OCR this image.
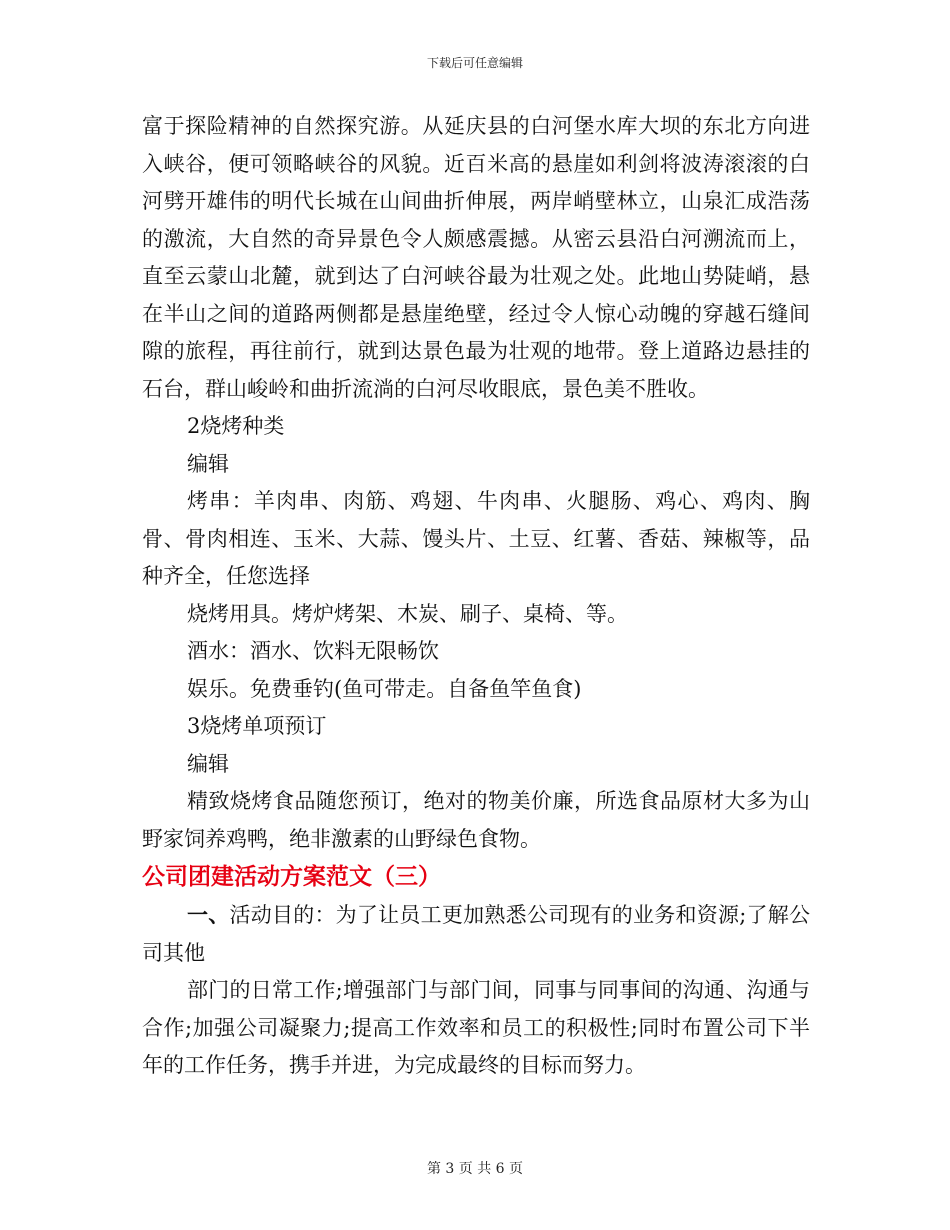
下载后可任意编辑

富于探险精神的自然探究游。从延庆县的白河堡水库大坝的东北方向进入峡谷，便可领略峡谷的风貌。近百米高的悬崖如利剑将波涛滚滚的白河劈开雄伟的明代长城在山间曲折伸展，两岸峭壁林立，山泉汇成浩荡的激流，大自然的奇异景色令人颇感震撼。从密云县沿白河溯流而上，直至云蒙山北麓，就到达了白河峡谷最为壮观之处。此地山势陡峭，悬在半山之间的道路两侧都是悬崖绝壁，经过令人惊心动魄的穿越石缝间隙的旅程，再往前行，就到达景色最为壮观的地带。登上道路边悬挂的石台，群山峻岭和曲折流淌的白河尽收眼底，景色美不胜收。

2烧烤种类

编辑

烤串：羊肉串、肉筋、鸡翅、牛肉串、火腿肠、鸡心、鸡肉、胸骨、骨肉相连、玉米、大蒜、馒头片、土豆、红薯、香菇、辣椒等，品种齐全，任您选择

烧烤用具。烤炉烤架、木炭、刷子、桌椅、等。

酒水：酒水、饮料无限畅饮

娱乐。免费垂钓(鱼可带走。自备鱼竿鱼食)

3烧烤单项预订

编辑

精致烧烤食品随您预订，绝对的物美价廉，所选食品原材大多为山野家饲养鸡鸭，绝非激素的山野绿色食物。

公司团建活动方案范文（三）

一、活动目的：为了让员工更加熟悉公司现有的业务和资源;了解公司其他

部门的日常工作;增强部门与部门间，同事与同事间的沟通、沟通与合作;加强公司凝聚力;提高工作效率和员工的积极性;同时布置公司下半年的工作任务，携手并进，为完成最终的目标而努力。

第 3 页 共 6 页
